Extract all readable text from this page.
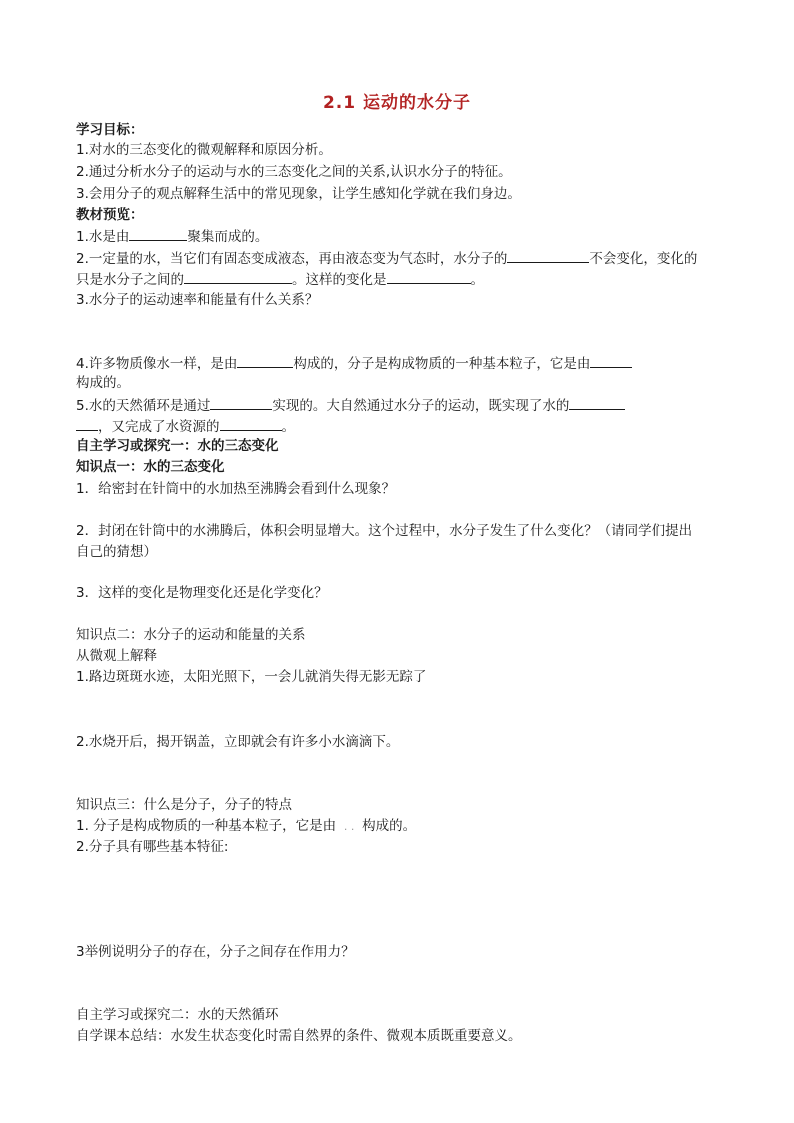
2.1 运动的水分子
学习目标：
1.对水的三态变化的微观解释和原因分析。
2.通过分析水分子的运动与水的三态变化之间的关系,认识水分子的特征。
3.会用分子的观点解释生活中的常见现象，让学生感知化学就在我们身边。
教材预览：
1.水是由	聚集而成的。
2.一定量的水，当它们有固态变成液态，再由液态变为气态时，水分子的	不会变化，变化的
只是水分子之间的	。这样的变化是	。
3.水分子的运动速率和能量有什么关系？
4.许多物质像水一样，是由	构成的，分子是构成物质的一种基本粒子，它是由
构成的。
5.水的天然循环是通过	实现的。大自然通过水分子的运动，既实现了水的
，又完成了水资源的	。
自主学习或探究一：水的三态变化
知识点一：水的三态变化
1．给密封在针筒中的水加热至沸腾会看到什么现象？
2．封闭在针筒中的水沸腾后，体积会明显增大。这个过程中，水分子发生了什么变化？（请同学们提出
自己的猜想）
3．这样的变化是物理变化还是化学变化？
知识点二：水分子的运动和能量的关系
从微观上解释
1.路边斑斑水迹，太阳光照下，一会儿就消失得无影无踪了
2.水烧开后，揭开锅盖，立即就会有许多小水滴滴下。
知识点三：什么是分子，分子的特点
1. 分子是构成物质的一种基本粒子，它是由 . . 构成的。
2.分子具有哪些基本特征:
3举例说明分子的存在，分子之间存在作用力？
自主学习或探究二：水的天然循环
自学课本总结：水发生状态变化时需自然界的条件、微观本质既重要意义。
